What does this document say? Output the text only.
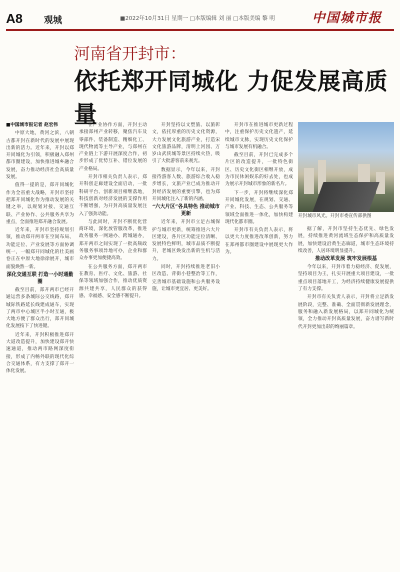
A8 观城	■2022年10月31日 星期一 □本版编辑 刘 丽 □本版美编 黎 明	中国城市报
河南省开封市：
依托郑开同城化 力促发展高质量

■中国城市报记者 赵宏伟

中原大地，黄河之滨，八朝古都开封在新时代的发展中展现出新的活力。近年来，开封以郑开同城化为引领，积极融入郑州都市圈建设，加快推进城乡融合发展，奋力推动经济社会高质量发展。

值得一提的是，郑开同城化作为全省重大战略，开封市坚持把郑开同城化作为推动发展的关键之举，以规划对接、交通互联、产业协作、公共服务共享为重点，全面推进郑开融合发展。

近年来，开封市坚持规划引领，推动郑开两市在空间布局、功能定位、产业发展等方面协调统一，一幅郑开同城化的壮美画卷正在中原大地徐徐展开，城市面貌焕然一新。

深化交通互联 打造一小时通勤圈

截至目前，郑开两市已经开通运营多条城际公交线路，郑开城际铁路延长线建成通车，实现了两市中心城区半小时互通，极大地方便了群众出行，郑开同城化发展按下了快进键。

近年来，开封积极推进郑开大道改造提升，加快建设郑开快速通道，推动两市路网深度衔接，形成了内畅外联的现代化综合交通体系，有力支撑了郑开一体化发展。

在产业协作方面，开封主动承接郑州产业转移，聚焦汽车及零部件、装备制造、精细化工、现代物流等主导产业，与郑州在产业链上下游开展深度合作，初步形成了优势互补、错位发展的产业格局。

开封市相关负责人表示，郑开科创走廊建设全面启动，一批科研平台、创新项目相继落地，科技创新对经济发展的支撑作用不断增强，为开封高质量发展注入了强劲动能。

与此同时，开封不断优化营商环境，深化放管服改革，推进政务服务一网通办、跨城通办，郑开两市之间实现了一批高频政务服务事项异地可办，企业和群众办事更加便捷高效。

在公共服务方面，郑开两市在教育、医疗、文化、旅游、社保等领域加强合作，推动优质资源共建共享，人民群众的获得感、幸福感、安全感不断提升。

开封坚持以文塑旅、以旅彰文，依托厚重的历史文化资源，大力发展文化旅游产业，打造宋文化旅游品牌，清明上河园、万岁山武侠城等景区持续火热，吸引了大批游客前来观光。

数据显示，今年以来，开封接待游客人数、旅游综合收入稳步增长，文旅产业已成为推动开封经济发展的重要引擎，也为郑开同城化注入了新的内涵。

“六大片区”各具特色 推动城市更新

近年来，开封市立足古城保护与城市更新，统筹推进六大片区建设，各片区功能定位清晰、发展特色鲜明，城市品质不断提升，老城区焕发出新的生机与活力。

同时，开封持续推进老旧小区改造、背街小巷整治等工作，完善城市基础设施和公共服务设施，让城市更宜居、更美好。

开封市在推进城市更新过程中，注重保护历史文化遗产，延续城市文脉，实现历史文化保护与城市发展有机融合。

截至目前，开封已完成多个片区的改造提升，一批特色街区、历史文化街区相继开放，成为市民休闲娱乐的好去处，也成为展示开封城市形象的新名片。

下一步，开封将继续深化郑开同城化发展，在规划、交通、产业、科技、生态、公共服务等领域全面推进一体化，加快构建现代化都市圈。

开封市有关负责人表示，将以更大力度推进改革创新，努力在郑州都市圈建设中展现更大作为。

据了解，开封市坚持生态优先、绿色发展，持续推进黄河流域生态保护和高质量发展，加快建设沿黄生态廊道，城市生态环境持续改善，人居环境明显提升。

推动改革发展 筑牢发展根基

今年以来，开封市着力稳经济、促发展，坚持项目为王，扎实开展重大项目建设，一批重点项目落地开工，为经济持续健康发展提供了有力支撑。

开封市有关负责人表示，开封将立足新发展阶段，完整、准确、全面贯彻新发展理念，服务和融入新发展格局，以郑开同城化为统领，全力推动开封高质量发展，奋力谱写新时代开封更加出彩的绚丽篇章。

开封城市风光。开封市委宣传部供图
